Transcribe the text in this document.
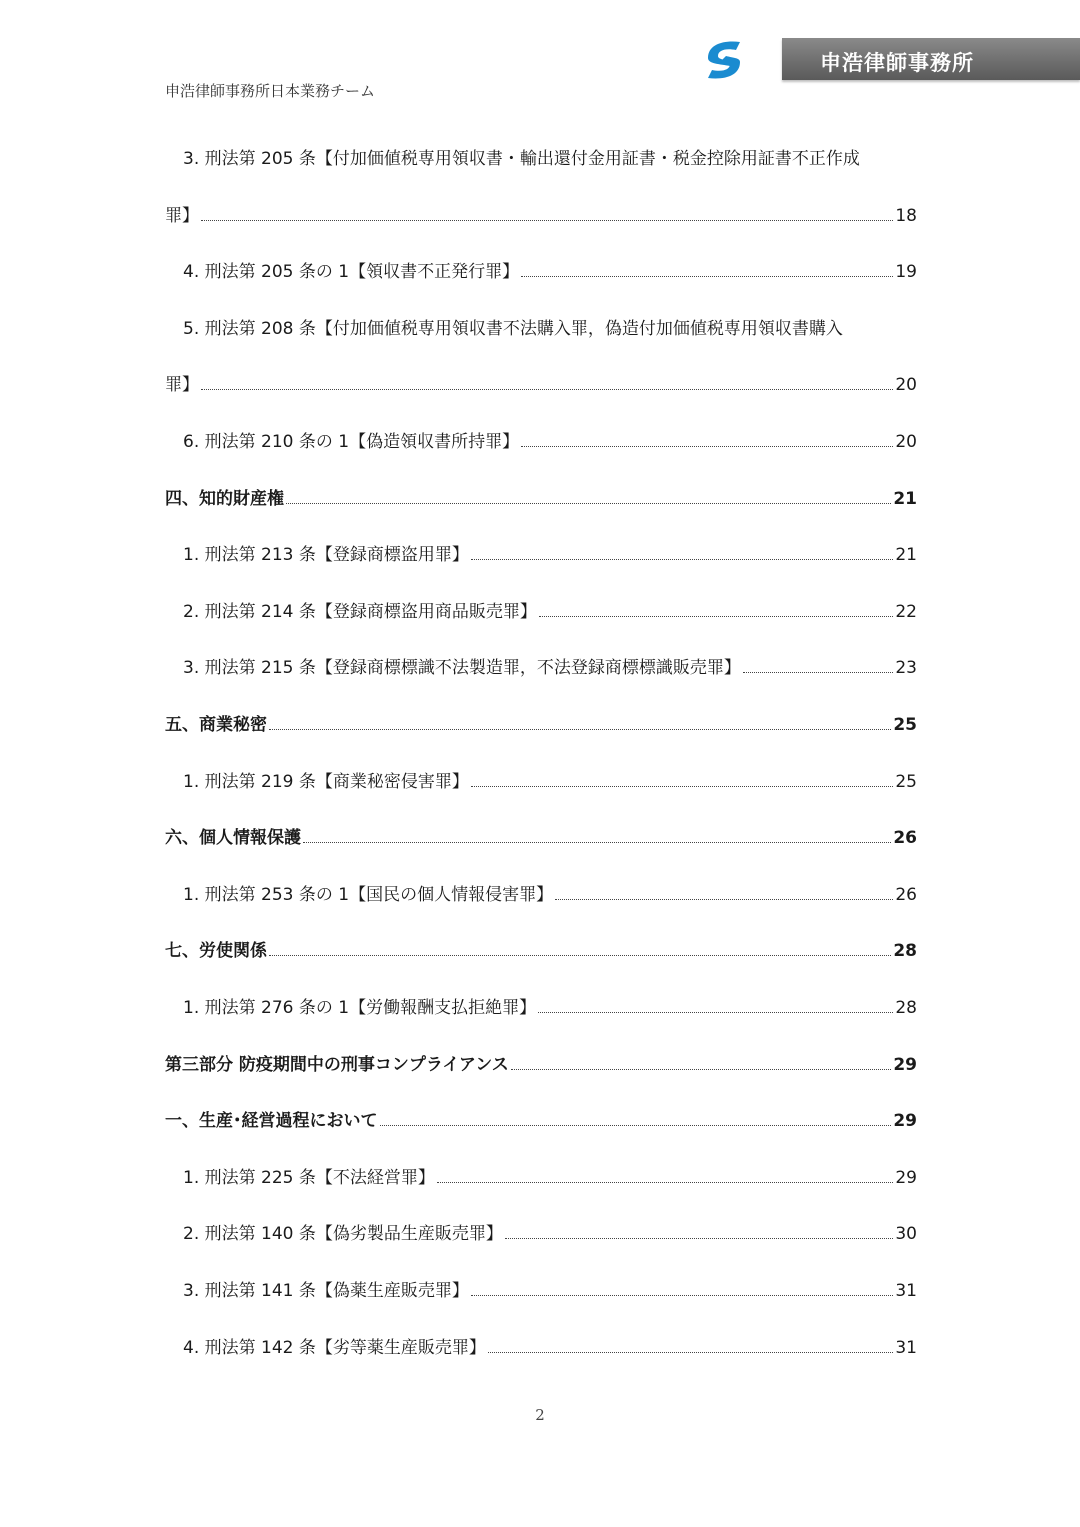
申浩律師事務所日本業務チーム
申浩律師事務所
3. 刑法第 205 条【付加価値税専用領収書・輸出還付金用証書・税金控除用証書不正作成
罪】	18
4. 刑法第 205 条の 1【領収書不正発行罪】	19
5. 刑法第 208 条【付加価値税専用領収書不法購入罪，偽造付加価値税専用領収書購入
罪】	20
6. 刑法第 210 条の 1【偽造領収書所持罪】	20
四、知的財産権	21
1. 刑法第 213 条【登録商標盗用罪】	21
2. 刑法第 214 条【登録商標盗用商品販売罪】	22
3. 刑法第 215 条【登録商標標識不法製造罪，不法登録商標標識販売罪】	23
五、商業秘密	25
1. 刑法第 219 条【商業秘密侵害罪】	25
六、個人情報保護	26
1. 刑法第 253 条の 1【国民の個人情報侵害罪】	26
七、労使関係	28
1. 刑法第 276 条の 1【労働報酬支払拒絶罪】	28
第三部分 防疫期間中の刑事コンプライアンス	29
一、生産･経営過程において	29
1. 刑法第 225 条【不法経営罪】	29
2. 刑法第 140 条【偽劣製品生産販売罪】	30
3. 刑法第 141 条【偽薬生産販売罪】	31
4. 刑法第 142 条【劣等薬生産販売罪】	31
2
